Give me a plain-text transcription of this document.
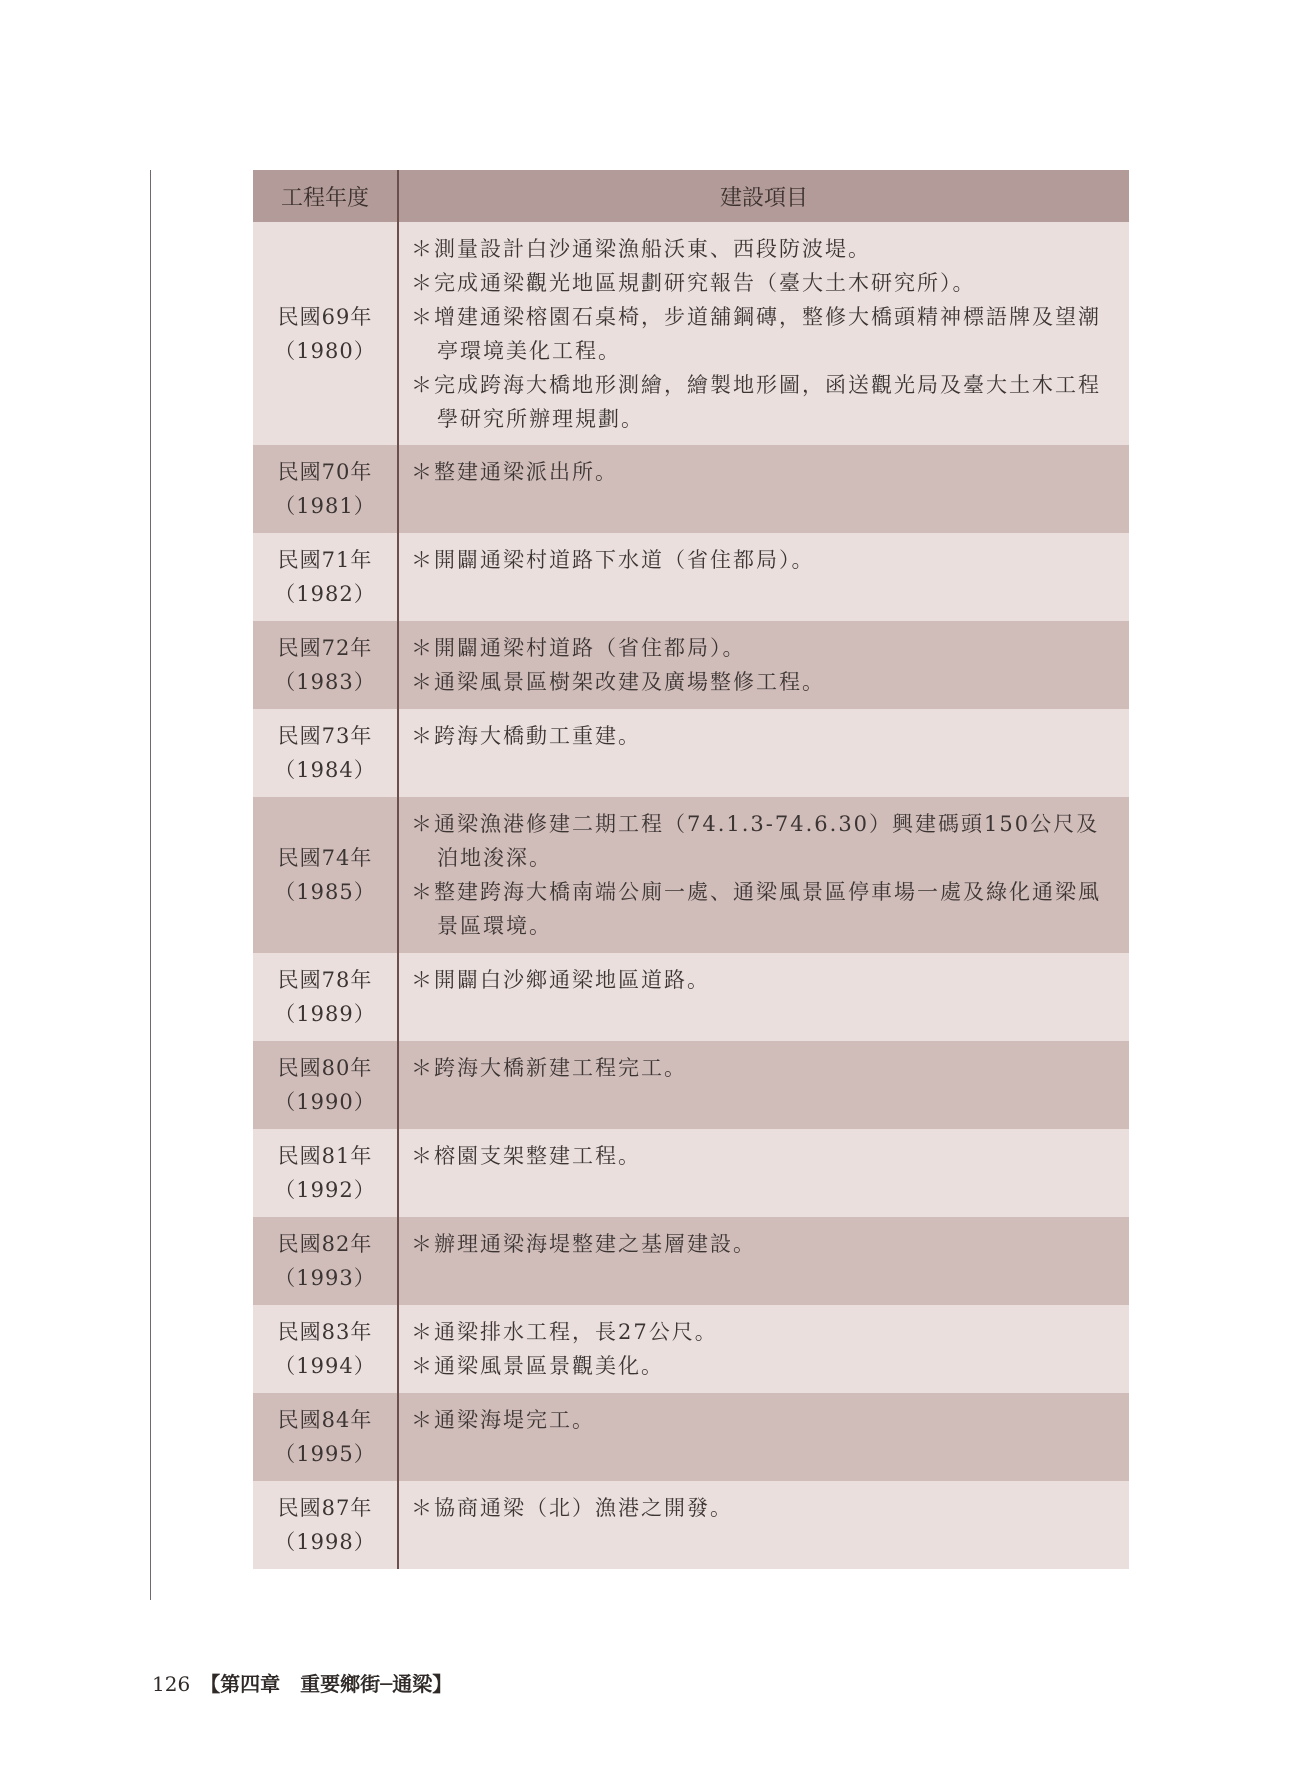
工程年度	建設項目

民國69年
（1980）	＊測量設計白沙通梁漁船沃東、西段防波堤。
＊完成通梁觀光地區規劃研究報告（臺大土木研究所）。
＊增建通梁榕園石桌椅，步道舖鋼磚，整修大橋頭精神標語牌及望潮亭環境美化工程。
＊完成跨海大橋地形測繪，繪製地形圖，函送觀光局及臺大土木工程學研究所辦理規劃。

民國70年
（1981）	＊整建通梁派出所。

民國71年
（1982）	＊開闢通梁村道路下水道（省住都局）。

民國72年
（1983）	＊開闢通梁村道路（省住都局）。
＊通梁風景區樹架改建及廣場整修工程。

民國73年
（1984）	＊跨海大橋動工重建。

民國74年
（1985）	＊通梁漁港修建二期工程（74.1.3-74.6.30）興建碼頭150公尺及泊地浚深。
＊整建跨海大橋南端公廁一處、通梁風景區停車場一處及綠化通梁風景區環境。

民國78年
（1989）	＊開闢白沙鄉通梁地區道路。

民國80年
（1990）	＊跨海大橋新建工程完工。

民國81年
（1992）	＊榕園支架整建工程。

民國82年
（1993）	＊辦理通梁海堤整建之基層建設。

民國83年
（1994）	＊通梁排水工程，長27公尺。
＊通梁風景區景觀美化。

民國84年
（1995）	＊通梁海堤完工。

民國87年
（1998）	＊協商通梁（北）漁港之開發。
126 【第四章　重要鄉街─通梁】
